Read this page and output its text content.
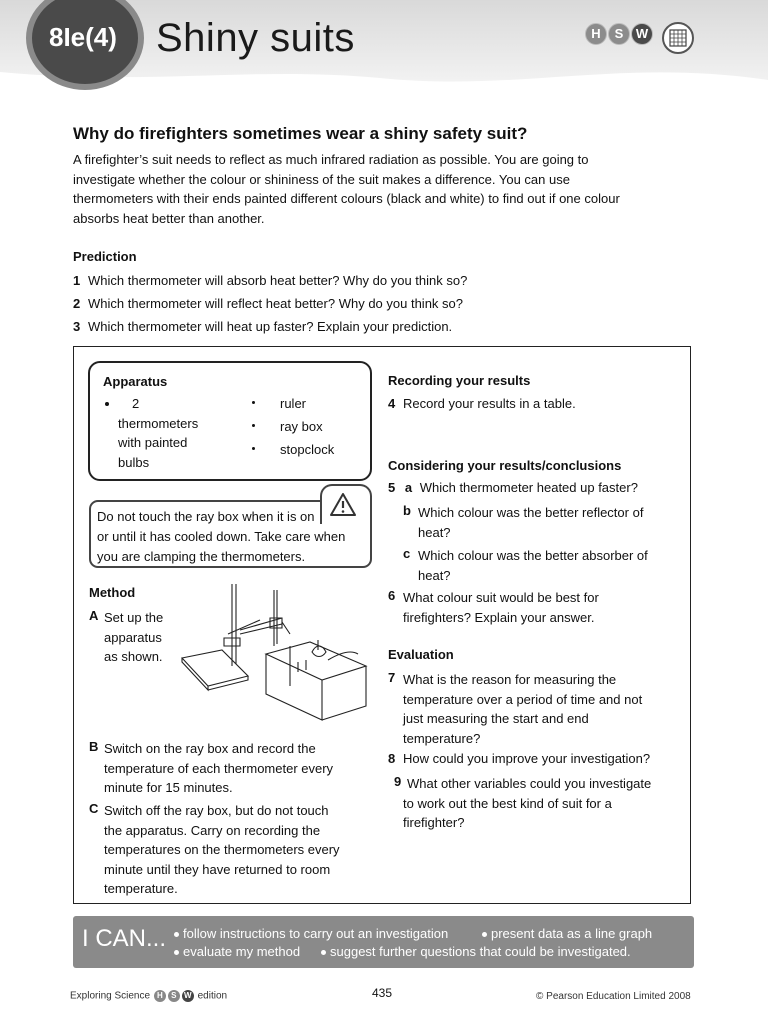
8Ie(4) Shiny suits	H	S W
Why do firefighters sometimes wear a shiny safety suit?
A firefighter’s suit needs to reflect as much infrared radiation as possible. You are going to
investigate whether the colour or shininess of the suit makes a difference. You can use
thermometers with their ends painted different colours (black and white) to find out if one colour
absorbs heat better than another.
Prediction
1 Which thermometer will absorb heat better? Why do you think so?
2 Which thermometer will reflect heat better? Why do you think so?
3 Which thermometer will heat up faster? Explain your prediction.
Apparatus
2
thermometers
with painted
bulbs
ruler
ray box
stopclock
Do not touch the ray box when it is on
or until it has cooled down. Take care when
you are clamping the thermometers.
Method
A Set up the
apparatus
as shown.
B Switch on the ray box and record the
temperature of each thermometer every
minute for 15 minutes.
C Switch off the ray box, but do not touch
the apparatus. Carry on recording the
temperatures on the thermometers every
minute until they have returned to room
temperature.
Recording your results
4 Record your results in a table.
Considering your results/conclusions
5 a Which thermometer heated up faster?
b Which colour was the better reflector of
heat?
c Which colour was the better absorber of
heat?
6 What colour suit would be best for
firefighters? Explain your answer.
Evaluation
7 What is the reason for measuring the
temperature over a period of time and not
just measuring the start and end
temperature?
8 How could you improve your investigation?
9 What other variables could you investigate
to work out the best kind of suit for a
firefighter?
I CAN...	follow instructions to carry out an investigation	present data as a line graph
evaluate my method	suggest further questions that could be investigated.
Exploring Science H S W edition	435	© Pearson Education Limited 2008
